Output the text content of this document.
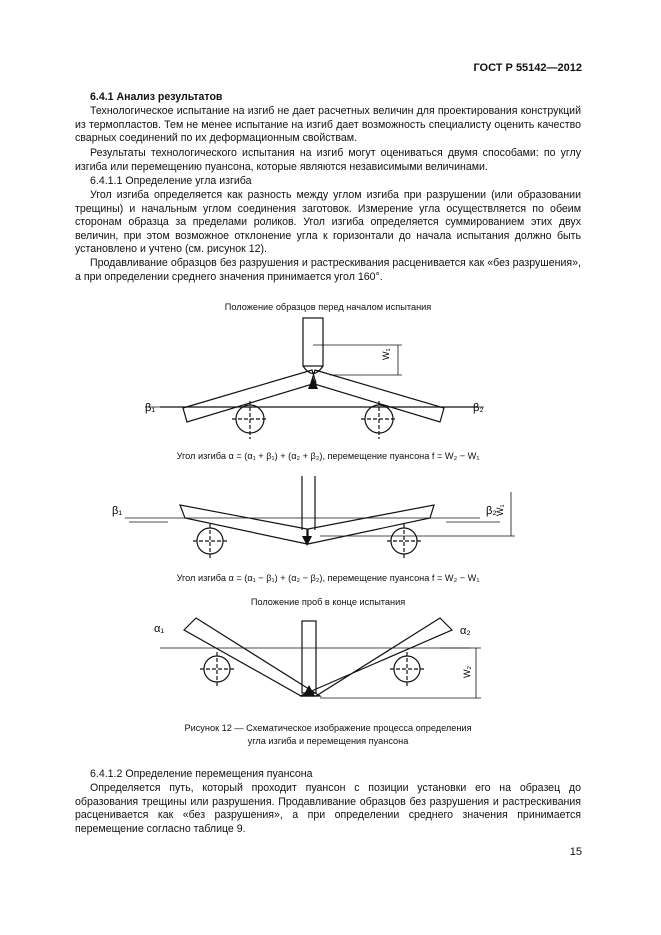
ГОСТ Р 55142—2012
6.4.1 Анализ результатов
Технологическое испытание на изгиб не дает расчетных величин для проектирования конструкций из термопластов. Тем не менее испытание на изгиб дает возможность специалисту оценить качество сварных соединений по их деформационным свойствам.
Результаты технологического испытания на изгиб могут оцениваться двумя способами: по углу изгиба или перемещению пуансона, которые являются независимыми величинами.
6.4.1.1 Определение угла изгиба
Угол изгиба определяется как разность между углом изгиба при разрушении (или образовании трещины) и начальным углом соединения заготовок. Измерение угла осуществляется по обеим сторонам образца за пределами роликов. Угол изгиба определяется суммированием этих двух величин, при этом возможное отклонение угла к горизонтали до начала испытания должно быть установлено и учтено (см. рисунок 12).
Продавливание образцов без разрушения и растрескивания расценивается как «без разрушения», а при определении среднего значения принимается угол 160°.
Положение образцов перед началом испытания
β₁	β₂
W₁
Угол изгиба α = (α₁ + β₁) + (α₂ + β₂), перемещение пуансона f = W₂ − W₁
β₁	β₂
W₁
Угол изгиба α = (α₁ − β₁) + (α₂ − β₂), перемещение пуансона f = W₂ − W₁
Положение проб в конце испытания
α₁	α₂
W₂
Рисунок 12 — Схематическое изображение процесса определения
угла изгиба и перемещения пуансона
6.4.1.2 Определение перемещения пуансона
Определяется путь, который проходит пуансон с позиции установки его на образец до образования трещины или разрушения. Продавливание образцов без разрушения и растрескивания расценивается как «без разрушения», а при определении среднего значения принимается перемещение согласно таблице 9.
15
